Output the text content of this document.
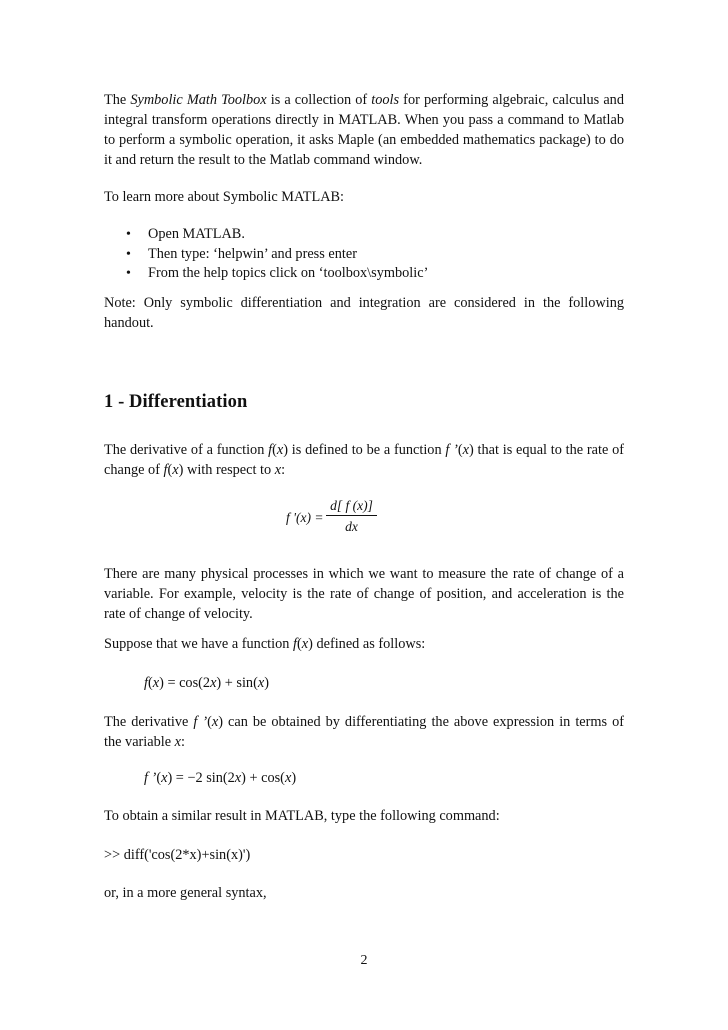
The Symbolic Math Toolbox is a collection of tools for performing algebraic, calculus and integral transform operations directly in MATLAB. When you pass a command to Matlab to perform a symbolic operation, it asks Maple (an embedded mathematics package) to do it and return the result to the Matlab command window.

To learn more about Symbolic MATLAB:

• Open MATLAB.
• Then type: ‘helpwin’ and press enter
• From the help topics click on ‘toolbox\symbolic’

Note: Only symbolic differentiation and integration are considered in the following handout.

1 - Differentiation

The derivative of a function f(x) is defined to be a function f ’(x) that is equal to the rate of change of f(x) with respect to x:

f '(x) =
d[ f (x)]
dx

There are many physical processes in which we want to measure the rate of change of a variable. For example, velocity is the rate of change of position, and acceleration is the rate of change of velocity.

Suppose that we have a function f(x) defined as follows:

f(x) = cos(2x) + sin(x)

The derivative f ’(x) can be obtained by differentiating the above expression in terms of the variable x:

f ’(x) = −2 sin(2x) + cos(x)

To obtain a similar result in MATLAB, type the following command:

>> diff('cos(2*x)+sin(x)')

or, in a more general syntax,

2
